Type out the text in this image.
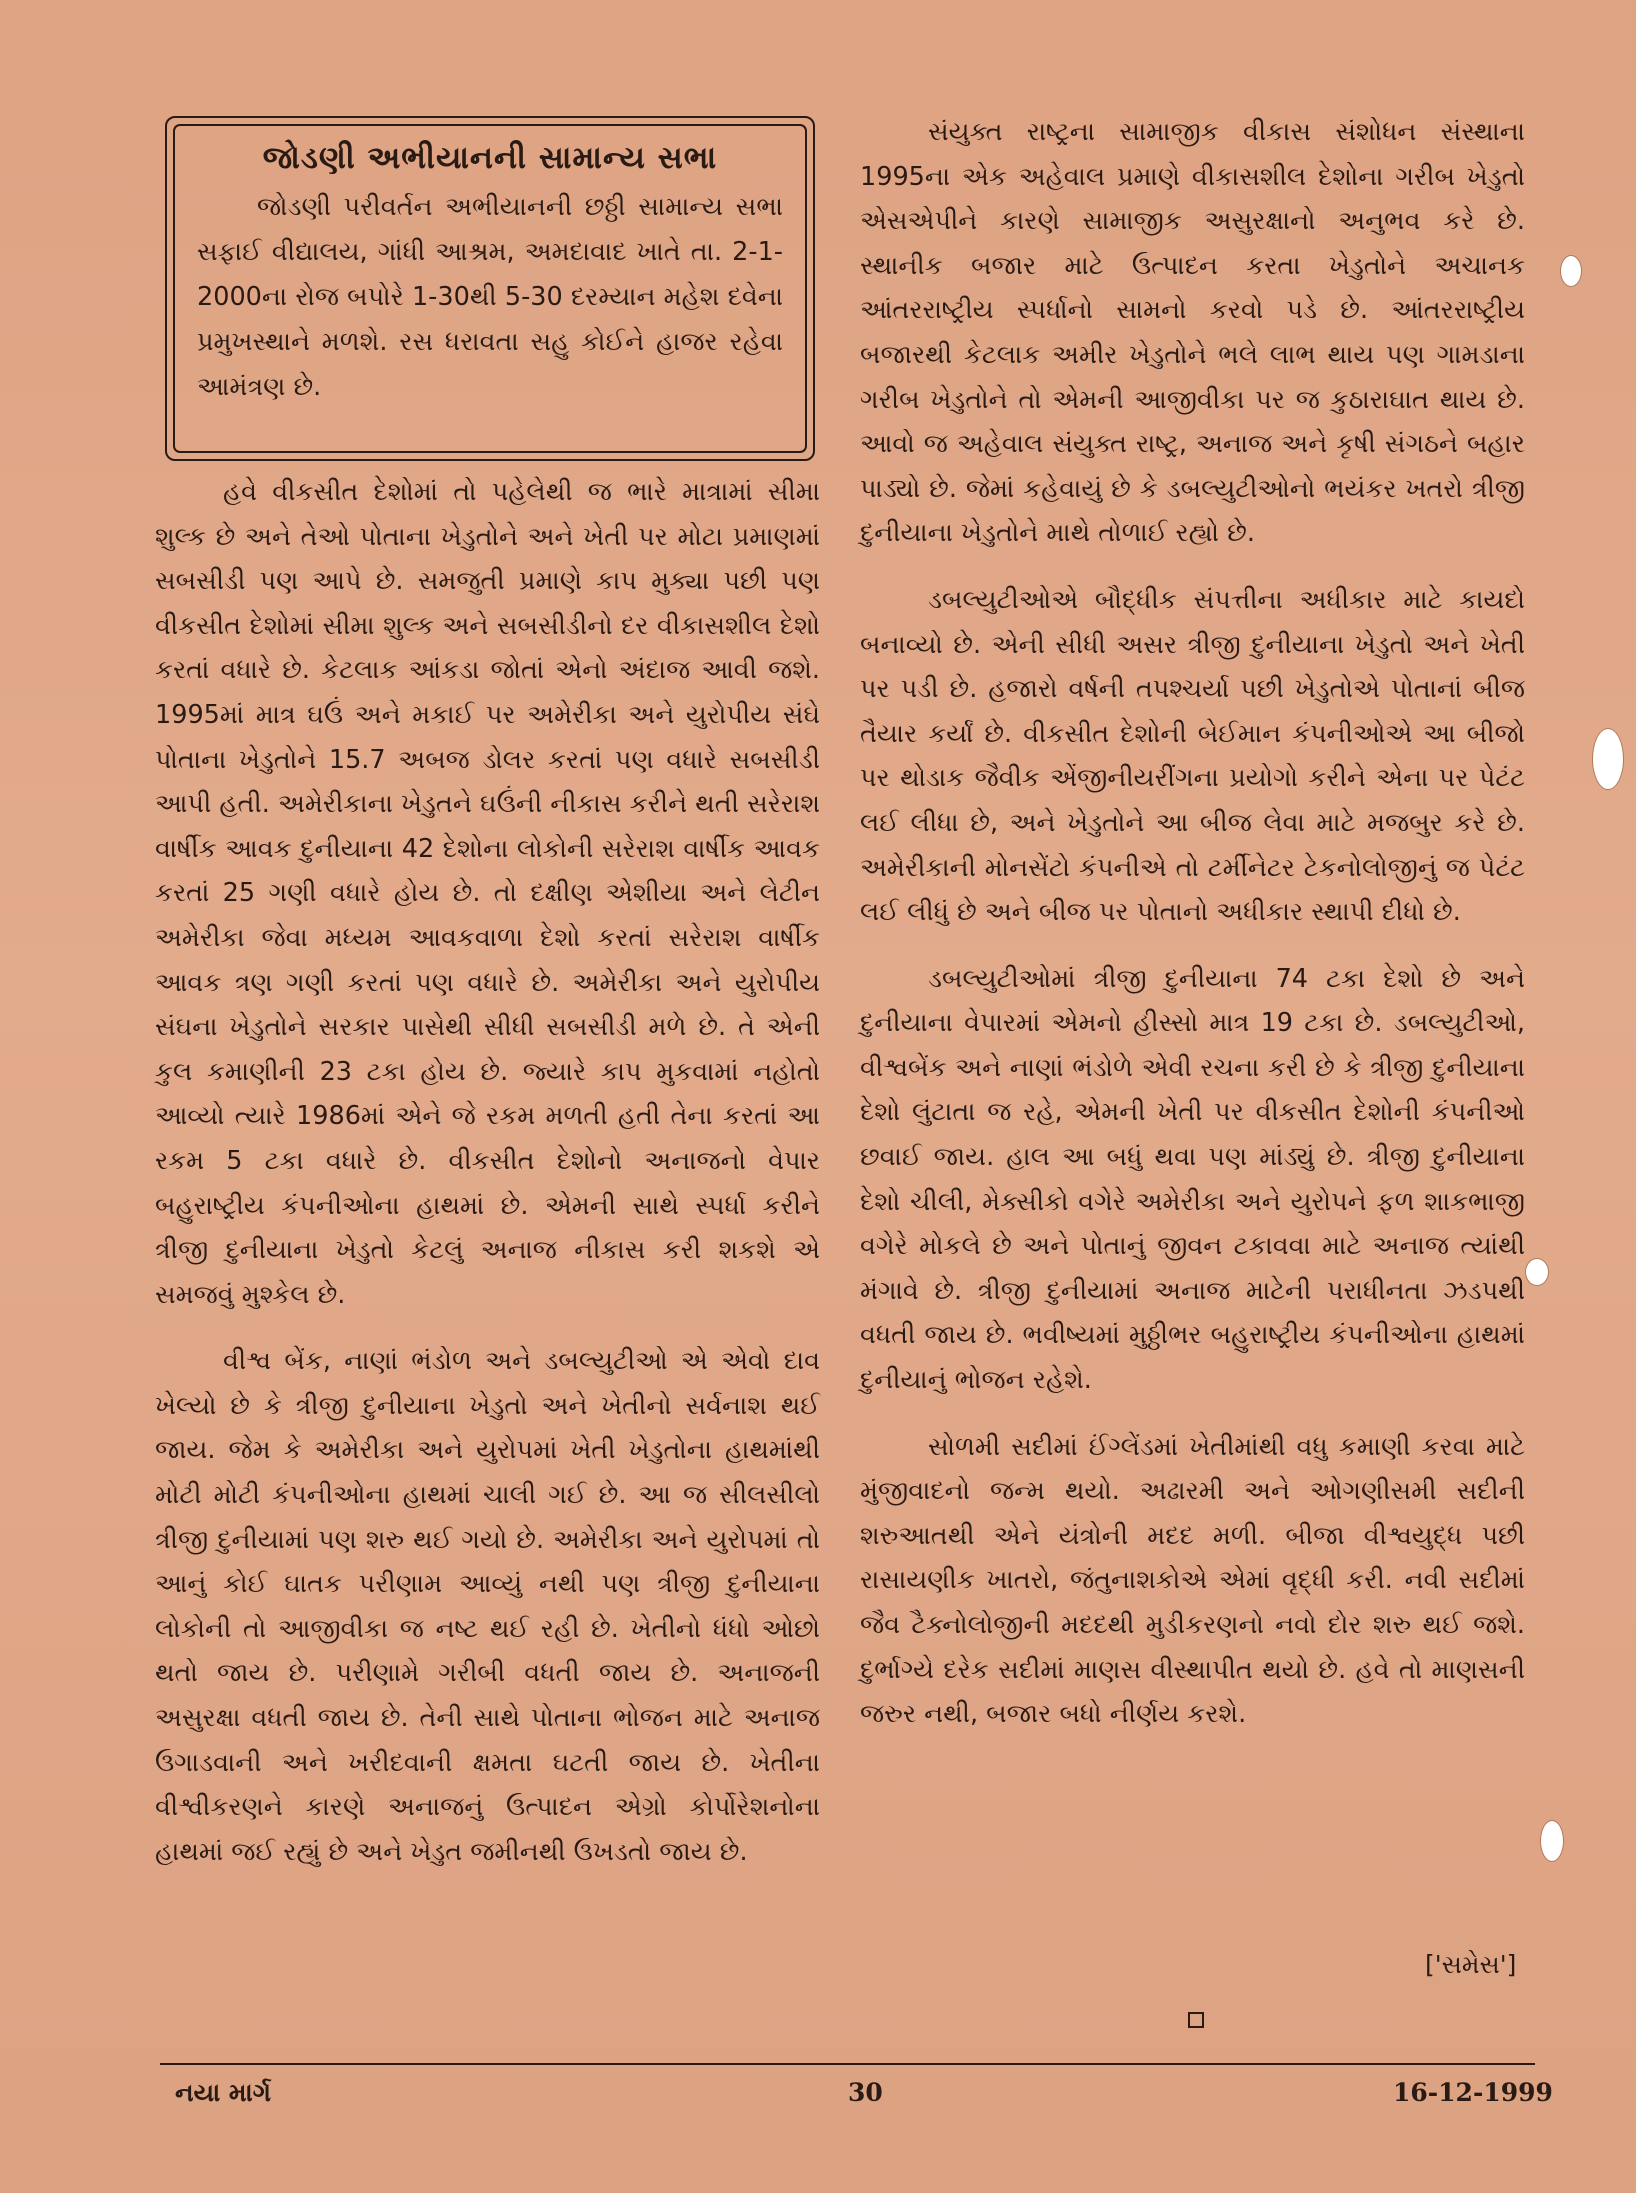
જોડણી અભીયાનની સામાન્ય સભા

જોડણી પરીવર્તન અભીયાનની છઠ્ઠી સામાન્ય સભા સફાઈ વીદ્યાલય, ગાંધી આશ્રમ, અમદાવાદ ખાતે તા. 2-1-2000ના રોજ બપોરે 1-30થી 5-30 દરમ્યાન મહેશ દવેના પ્રમુખસ્થાને મળશે. રસ ધરાવતા સહુ કોઈને હાજર રહેવા આમંત્રણ છે.

હવે વીકસીત દેશોમાં તો પહેલેથી જ ભારે માત્રામાં સીમા શુલ્ક છે અને તેઓ પોતાના ખેડુતોને અને ખેતી પર મોટા પ્રમાણમાં સબસીડી પણ આપે છે. સમજુતી પ્રમાણે કાપ મુક્યા પછી પણ વીકસીત દેશોમાં સીમા શુલ્ક અને સબસીડીનો દર વીકાસશીલ દેશો કરતાં વધારે છે. કેટલાક આંકડા જોતાં એનો અંદાજ આવી જશે. 1995માં માત્ર ઘઉં અને મકાઈ પર અમેરીકા અને યુરોપીય સંઘે પોતાના ખેડુતોને 15.7 અબજ ડોલર કરતાં પણ વધારે સબસીડી આપી હતી. અમેરીકાના ખેડુતને ઘઉંની નીકાસ કરીને થતી સરેરાશ વાર્ષીક આવક દુનીયાના 42 દેશોના લોકોની સરેરાશ વાર્ષીક આવક કરતાં 25 ગણી વધારે હોય છે. તો દક્ષીણ એશીયા અને લેટીન અમેરીકા જેવા મધ્યમ આવકવાળા દેશો કરતાં સરેરાશ વાર્ષીક આવક ત્રણ ગણી કરતાં પણ વધારે છે. અમેરીકા અને યુરોપીય સંઘના ખેડુતોને સરકાર પાસેથી સીધી સબસીડી મળે છે. તે એની કુલ કમાણીની 23 ટકા હોય છે. જ્યારે કાપ મુકવામાં નહોતો આવ્યો ત્યારે 1986માં એને જે રકમ મળતી હતી તેના કરતાં આ રકમ 5 ટકા વધારે છે. વીકસીત દેશોનો અનાજનો વેપાર બહુરાષ્ટ્રીય કંપનીઓના હાથમાં છે. એમની સાથે સ્પર્ધા કરીને ત્રીજી દુનીયાના ખેડુતો કેટલું અનાજ નીકાસ કરી શકશે એ સમજવું મુશ્કેલ છે.

વીશ્વ બેંક, નાણાં ભંડોળ અને ડબલ્યુટીઓ એ એવો દાવ ખેલ્યો છે કે ત્રીજી દુનીયાના ખેડુતો અને ખેતીનો સર્વનાશ થઈ જાય. જેમ કે અમેરીકા અને યુરોપમાં ખેતી ખેડુતોના હાથમાંથી મોટી મોટી કંપનીઓના હાથમાં ચાલી ગઈ છે. આ જ સીલસીલો ત્રીજી દુનીયામાં પણ શરુ થઈ ગયો છે. અમેરીકા અને યુરોપમાં તો આનું કોઈ ઘાતક પરીણામ આવ્યું નથી પણ ત્રીજી દુનીયાના લોકોની તો આજીવીકા જ નષ્ટ થઈ રહી છે. ખેતીનો ધંધો ઓછો થતો જાય છે. પરીણામે ગરીબી વધતી જાય છે. અનાજની અસુરક્ષા વધતી જાય છે. તેની સાથે પોતાના ભોજન માટે અનાજ ઉગાડવાની અને ખરીદવાની ક્ષમતા ઘટતી જાય છે. ખેતીના વીશ્વીકરણને કારણે અનાજનું ઉત્પાદન એગ્રો કોર્પોરેશનોના હાથમાં જઈ રહ્યું છે અને ખેડુત જમીનથી ઉખડતો જાય છે.

સંયુક્ત રાષ્ટ્રના સામાજીક વીકાસ સંશોધન સંસ્થાના 1995ના એક અહેવાલ પ્રમાણે વીકાસશીલ દેશોના ગરીબ ખેડુતો એસએપીને કારણે સામાજીક અસુરક્ષાનો અનુભવ કરે છે. સ્થાનીક બજાર માટે ઉત્પાદન કરતા ખેડુતોને અચાનક આંતરરાષ્ટ્રીય સ્પર્ધાનો સામનો કરવો પડે છે. આંતરરાષ્ટ્રીય બજારથી કેટલાક અમીર ખેડુતોને ભલે લાભ થાય પણ ગામડાના ગરીબ ખેડુતોને તો એમની આજીવીકા પર જ કુઠારાઘાત થાય છે. આવો જ અહેવાલ સંયુક્ત રાષ્ટ્ર, અનાજ અને કૃષી સંગઠને બહાર પાડ્યો છે. જેમાં કહેવાયું છે કે ડબલ્યુટીઓનો ભયંકર ખતરો ત્રીજી દુનીયાના ખેડુતોને માથે તોળાઈ રહ્યો છે.

ડબલ્યુટીઓએ બૌદ્ધીક સંપત્તીના અધીકાર માટે કાયદો બનાવ્યો છે. એની સીધી અસર ત્રીજી દુનીયાના ખેડુતો અને ખેતી પર પડી છે. હજારો વર્ષની તપશ્ચર્યા પછી ખેડુતોએ પોતાનાં બીજ તૈયાર કર્યાં છે. વીકસીત દેશોની બેઈમાન કંપનીઓએ આ બીજો પર થોડાક જૈવીક એંજીનીયરીંગના પ્રયોગો કરીને એના પર પેટંટ લઈ લીધા છે, અને ખેડુતોને આ બીજ લેવા માટે મજબુર કરે છે. અમેરીકાની મોનસેંટો કંપનીએ તો ટર્મીનેટર ટેકનોલોજીનું જ પેટંટ લઈ લીધું છે અને બીજ પર પોતાનો અધીકાર સ્થાપી દીધો છે.

ડબલ્યુટીઓમાં ત્રીજી દુનીયાના 74 ટકા દેશો છે અને દુનીયાના વેપારમાં એમનો હીસ્સો માત્ર 19 ટકા છે. ડબલ્યુટીઓ, વીશ્વબેંક અને નાણાં ભંડોળે એવી રચના કરી છે કે ત્રીજી દુનીયાના દેશો લુંટાતા જ રહે, એમની ખેતી પર વીકસીત દેશોની કંપનીઓ છવાઈ જાય. હાલ આ બધું થવા પણ માંડ્યું છે. ત્રીજી દુનીયાના દેશો ચીલી, મેક્સીકો વગેરે અમેરીકા અને યુરોપને ફળ શાકભાજી વગેરે મોકલે છે અને પોતાનું જીવન ટકાવવા માટે અનાજ ત્યાંથી મંગાવે છે. ત્રીજી દુનીયામાં અનાજ માટેની પરાધીનતા ઝડપથી વધતી જાય છે. ભવીષ્યમાં મુઠ્ઠીભર બહુરાષ્ટ્રીય કંપનીઓના હાથમાં દુનીયાનું ભોજન રહેશે.

સોળમી સદીમાં ઈંગ્લેંડમાં ખેતીમાંથી વધુ કમાણી કરવા માટે મુંજીવાદનો જન્મ થયો. અઢારમી અને ઓગણીસમી સદીની શરુઆતથી એને યંત્રોની મદદ મળી. બીજા વીશ્વયુદ્ધ પછી રાસાયણીક ખાતરો, જંતુનાશકોએ એમાં વૃદ્ધી કરી. નવી સદીમાં જૈવ ટૈક્નોલોજીની મદદથી મુડીકરણનો નવો દોર શરુ થઈ જશે. દુર્ભાગ્યે દરેક સદીમાં માણસ વીસ્થાપીત થયો છે. હવે તો માણસની જરુર નથી, બજાર બધો નીર્ણય કરશે.

['સમેસ']
નયા માર્ગ	30	16-12-1999
